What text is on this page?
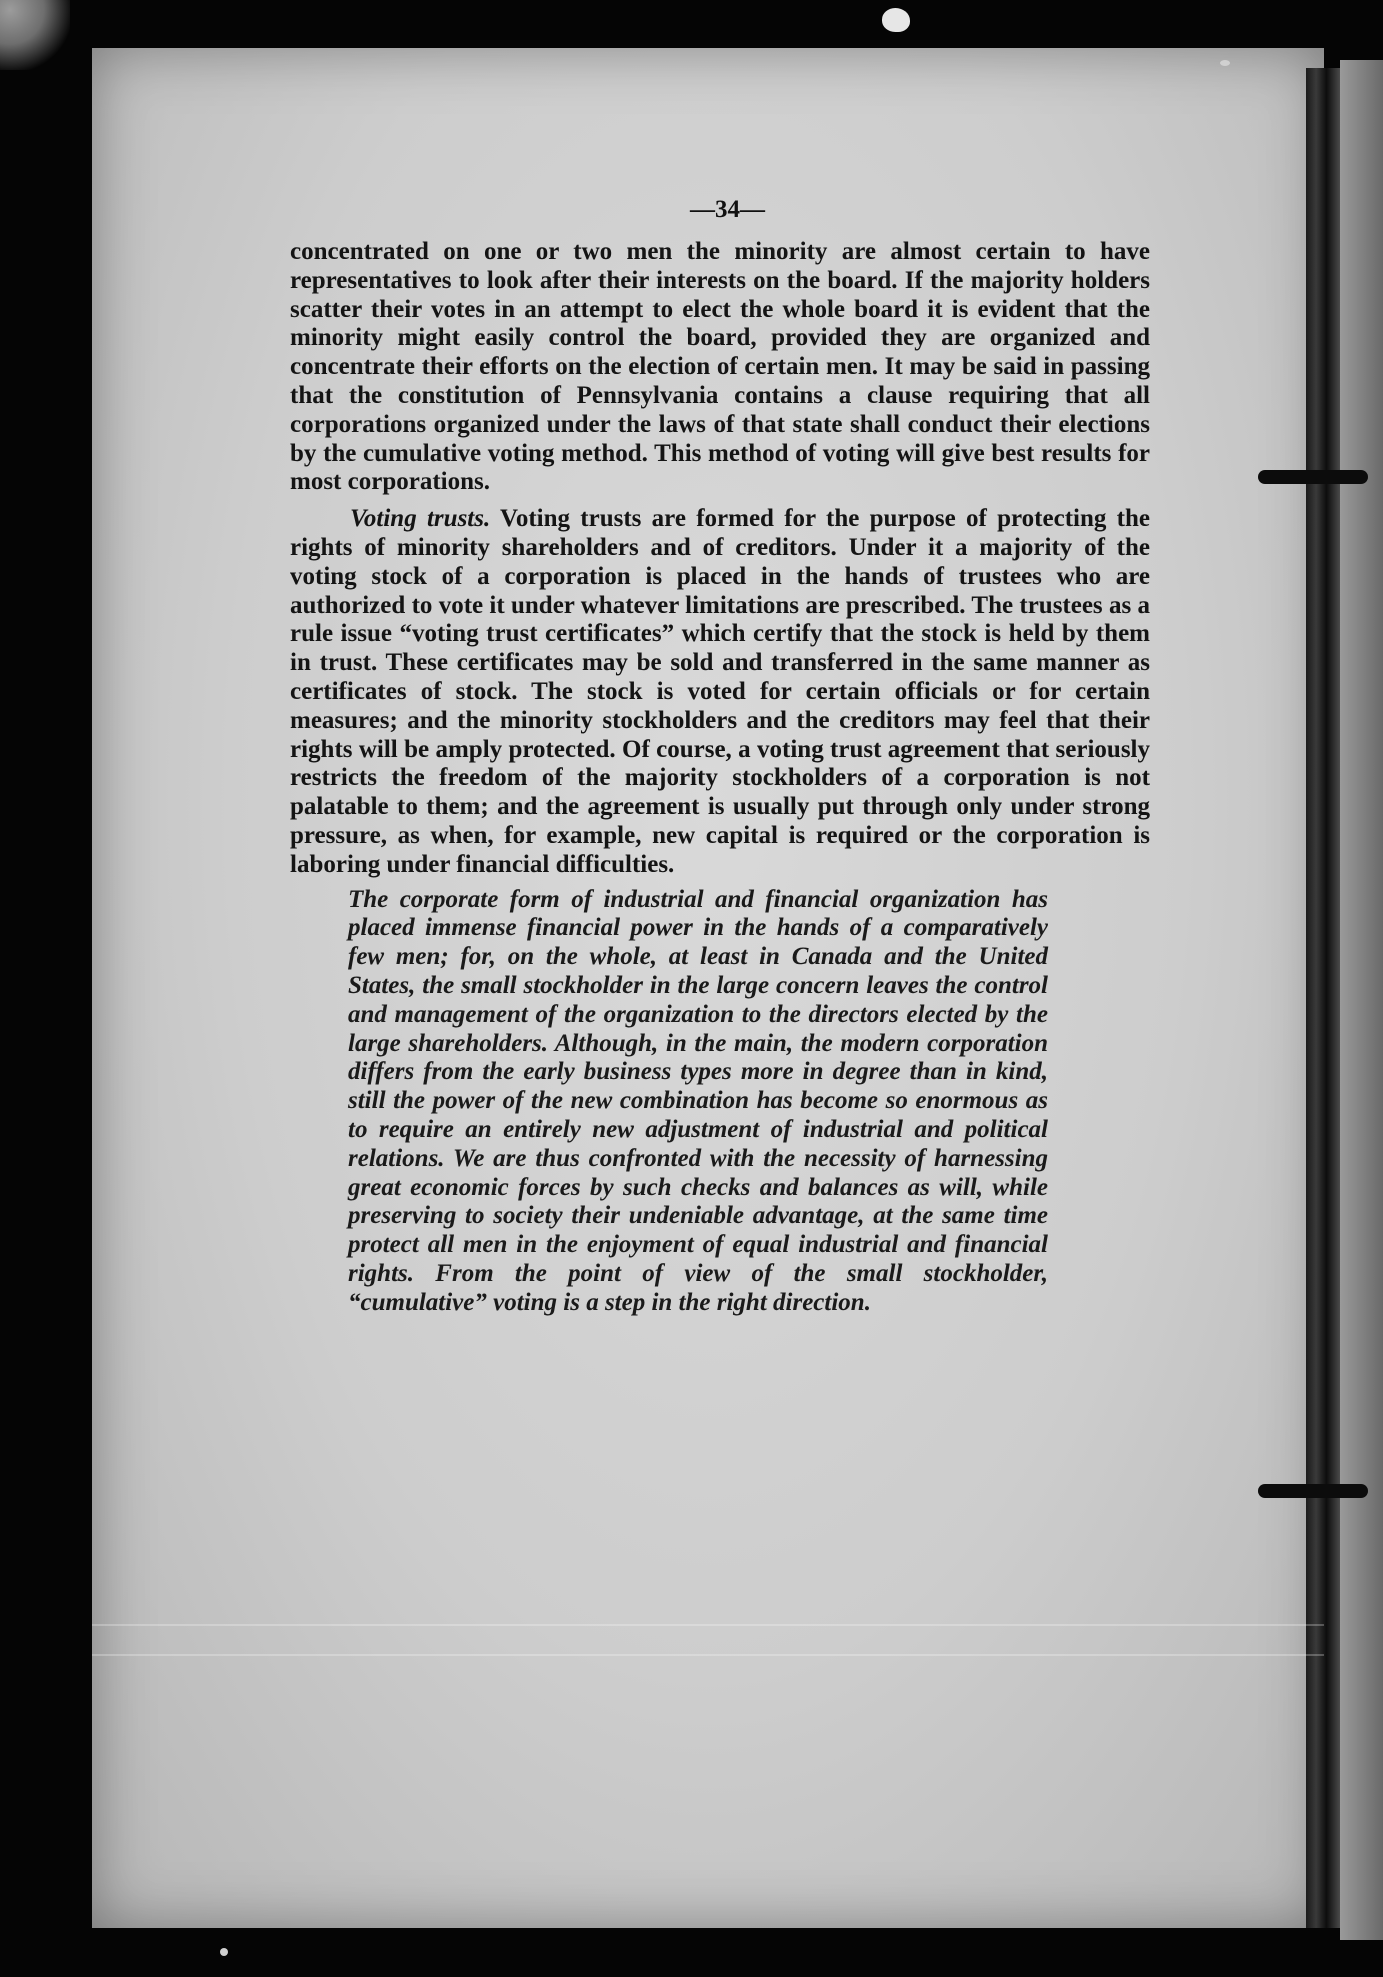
—34—

concentrated on one or two men the minority are almost certain to have representatives to look after their interests on the board. If the majority holders scatter their votes in an attempt to elect the whole board it is evident that the minority might easily control the board, provided they are organized and concentrate their efforts on the election of certain men. It may be said in passing that the constitution of Pennsylvania contains a clause requiring that all corporations organized under the laws of that state shall conduct their elections by the cumulative voting method. This method of voting will give best results for most corporations.

Voting trusts. Voting trusts are formed for the purpose of protecting the rights of minority shareholders and of creditors. Under it a majority of the voting stock of a corporation is placed in the hands of trustees who are authorized to vote it under whatever limitations are prescribed. The trustees as a rule issue “voting trust certificates” which certify that the stock is held by them in trust. These certificates may be sold and transferred in the same manner as certificates of stock. The stock is voted for certain officials or for certain measures; and the minority stockholders and the creditors may feel that their rights will be amply protected. Of course, a voting trust agreement that seriously restricts the freedom of the majority stockholders of a corporation is not palatable to them; and the agreement is usually put through only under strong pressure, as when, for example, new capital is required or the corporation is laboring under financial difficulties.

The corporate form of industrial and financial organization has placed immense financial power in the hands of a comparatively few men; for, on the whole, at least in Canada and the United States, the small stockholder in the large concern leaves the control and management of the organization to the directors elected by the large shareholders. Although, in the main, the modern corporation differs from the early business types more in degree than in kind, still the power of the new combination has become so enormous as to require an entirely new adjustment of industrial and political relations. We are thus confronted with the necessity of harnessing great economic forces by such checks and balances as will, while preserving to society their undeniable advantage, at the same time protect all men in the enjoyment of equal industrial and financial rights. From the point of view of the small stockholder, “cumulative” voting is a step in the right direction.
